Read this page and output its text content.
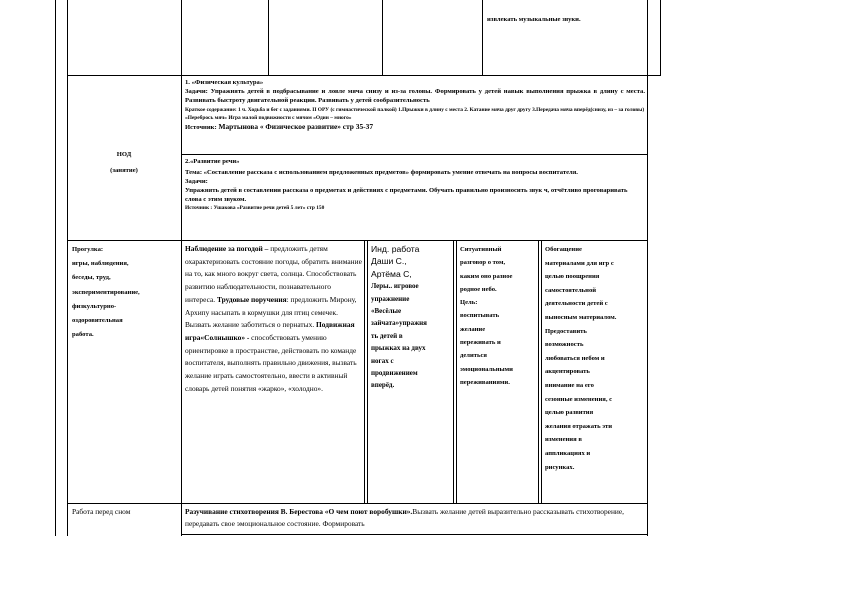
извлекать музыкальные звуки.
НОД
(занятие)
1. «Физическая культура»
Задачи: Упражнять детей в подбрасывание и ловле мяча снизу и из-за головы. Формировать у детей навык выполнения прыжка в длину с места. Развивать быстроту двигательной реакции. Развивать у детей сообразительность
Краткое содержание: 1 ч. Ходьба и бег с заданиями. II ОРУ (с гимнастической палкой) 1.Прыжки в длину с места 2. Катание мяча друг другу 3.Передача мяча вперёд(снизу, из – за головы) «Перебрось мяч» Игра малой подвижности с мячом «Один – много»
Источник: Мартынова « Физическое развитие» стр 35-37
2.«Развитие речи»
Тема: «Составление рассказа с использованием предложенных предметов» формировать умение отвечать на вопросы воспитателя.
Задачи:
Упражнять детей в составлении рассказа о предметах и действиях с предметами. Обучать правильно произносить звук ч, отчётливо проговаривать слова с этим звуком.
Источник : Ушакова «Развитие речи детей 5 лет» стр 150
Прогулка:
игры, наблюдения,
беседы, труд,
экспериментирование,
физкультурно-
оздоровительная
работа.
Наблюдение за погодой – предложить детям охарактеризовать состояние погоды, обратить внимание на то, как много вокруг света, солнца. Способствовать развитию наблюдательности, познавательного интереса. Трудовые поручения: предложить Мирону, Архипу насыпать в кормушки для птиц семечек. Вызвать желание заботиться о пернатых. Подвижная игра«Солнышко» - способствовать умению ориентировке в пространстве, действовать по команде воспитателя, выполнять правильно движения, вызвать желание играть самостоятельно, ввести в активный словарь детей понятия «жарко», «холодно».
Инд. работа
Даши С.,
Артёма С,
Леры.. игровое
упражнение
«Весёлые
зайчата»упражня
ть детей в
прыжках на двух
ногах с
продвижением
вперёд.
Ситуативный
разговор о том,
каким оно разное
родное небо.
Цель:
воспитывать
желание
переживать и
делиться
эмоциональными
переживаниями.
Обогащение
материалами для игр с
целью поощрения
самостоятельной
деятельности детей с
выносным материалом.
Предоставить
возможность
любоваться небом и
акцентировать
внимание на его
сезонные изменения, с
целью развития
желания отражать эти
изменения в
аппликациях и
рисунках.
Работа перед сном	Разучивание стихотворения В. Берестова «О чем поют воробушки».Вызвать желание детей выразительно рассказывать стихотворение, передавать свое эмоциональное состояние. Формировать
